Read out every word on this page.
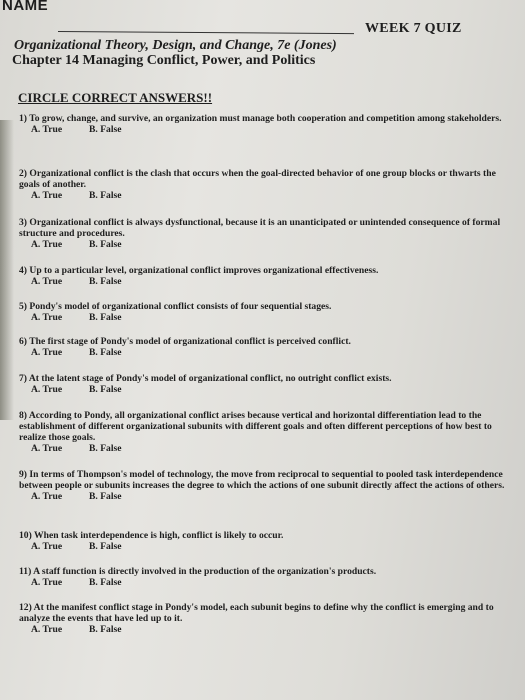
NAME
WEEK 7 QUIZ
Organizational Theory, Design, and Change, 7e (Jones)
Chapter 14 Managing Conflict, Power, and Politics
CIRCLE CORRECT ANSWERS!!
1) To grow, change, and survive, an organization must manage both cooperation and competition among stakeholders.
A. True	B. False
2) Organizational conflict is the clash that occurs when the goal-directed behavior of one group blocks or thwarts the goals of another.
A. True	B. False
3) Organizational conflict is always dysfunctional, because it is an unanticipated or unintended consequence of formal structure and procedures.
A. True	B. False
4) Up to a particular level, organizational conflict improves organizational effectiveness.
A. True	B. False
5) Pondy's model of organizational conflict consists of four sequential stages.
A. True	B. False
6) The first stage of Pondy's model of organizational conflict is perceived conflict.
A. True	B. False
7) At the latent stage of Pondy's model of organizational conflict, no outright conflict exists.
A. True	B. False
8) According to Pondy, all organizational conflict arises because vertical and horizontal differentiation lead to the establishment of different organizational subunits with different goals and often different perceptions of how best to realize those goals.
A. True	B. False
9) In terms of Thompson's model of technology, the move from reciprocal to sequential to pooled task interdependence between people or subunits increases the degree to which the actions of one subunit directly affect the actions of others.
A. True	B. False
10) When task interdependence is high, conflict is likely to occur.
A. True	B. False
11) A staff function is directly involved in the production of the organization's products.
A. True	B. False
12) At the manifest conflict stage in Pondy's model, each subunit begins to define why the conflict is emerging and to analyze the events that have led up to it.
A. True	B. False
